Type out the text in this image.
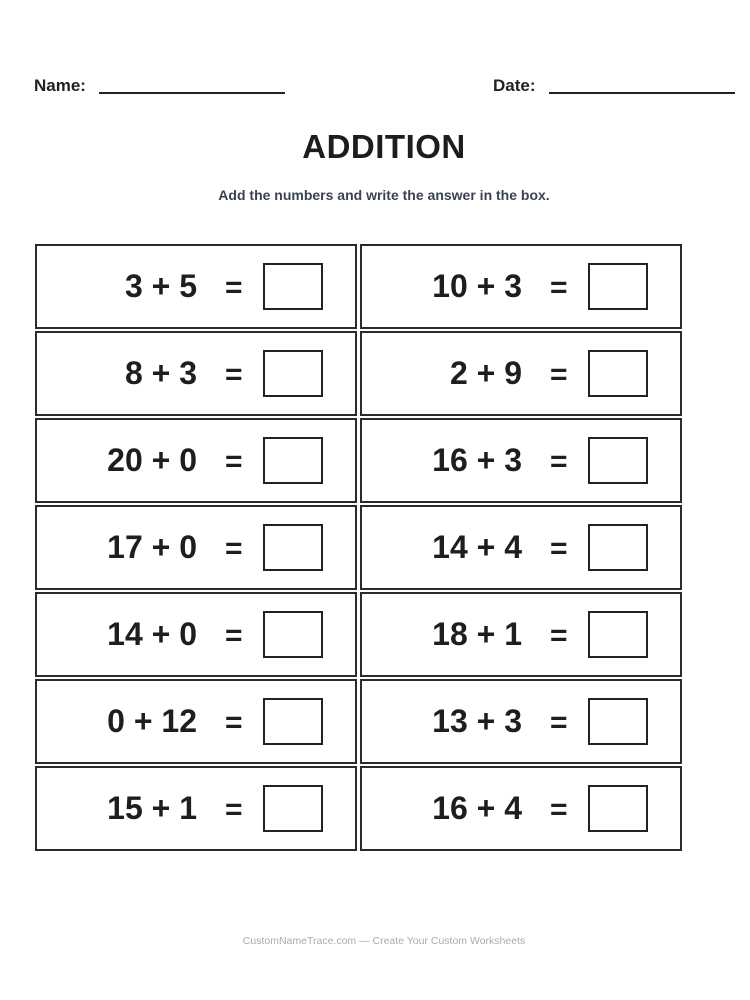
Name:	Date:
ADDITION
Add the numbers and write the answer in the box.
3 + 5 =	10 + 3 =
8 + 3 =	2 + 9 =
20 + 0 =	16 + 3 =
17 + 0 =	14 + 4 =
14 + 0 =	18 + 1 =
0 + 12 =	13 + 3 =
15 + 1 =	16 + 4 =
CustomNameTrace.com — Create Your Custom Worksheets
